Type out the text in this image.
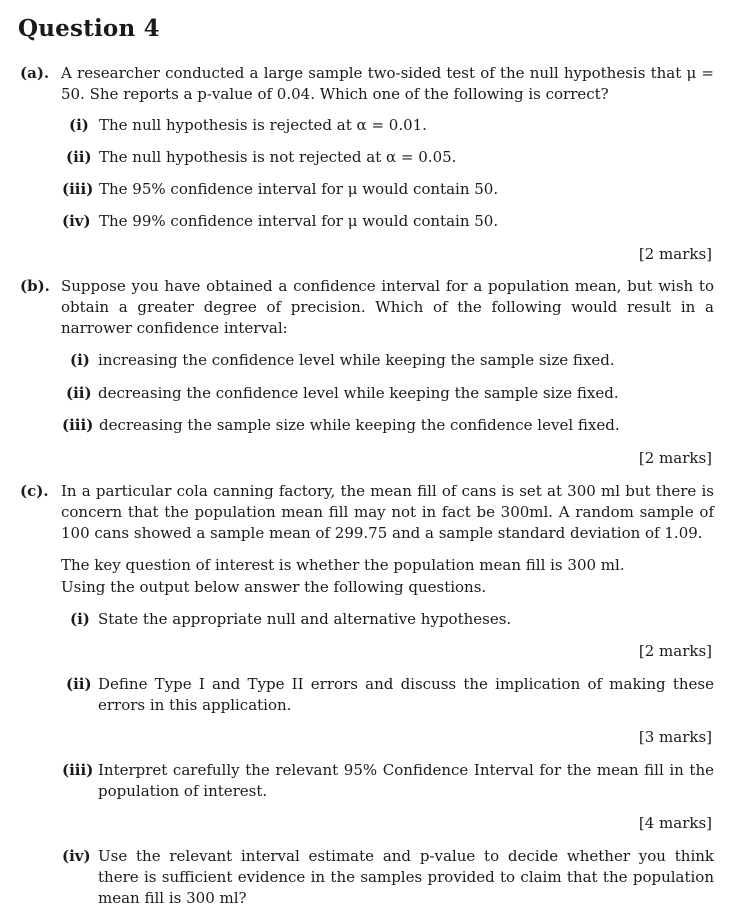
Question 4
(a). A researcher conducted a large sample two-sided test of the null hypothesis that μ = 50. She reports a p-value of 0.04. Which one of the following is correct?
(i) The null hypothesis is rejected at α = 0.01.
(ii) The null hypothesis is not rejected at α = 0.05.
(iii) The 95% confidence interval for μ would contain 50.
(iv) The 99% confidence interval for μ would contain 50.
[2 marks]
(b). Suppose you have obtained a confidence interval for a population mean, but wish to obtain a greater degree of precision. Which of the following would result in a narrower confidence interval:
(i) increasing the confidence level while keeping the sample size fixed.
(ii) decreasing the confidence level while keeping the sample size fixed.
(iii) decreasing the sample size while keeping the confidence level fixed.
[2 marks]
(c). In a particular cola canning factory, the mean fill of cans is set at 300 ml but there is concern that the population mean fill may not in fact be 300ml. A random sample of 100 cans showed a sample mean of 299.75 and a sample standard deviation of 1.09.
The key question of interest is whether the population mean fill is 300 ml.
Using the output below answer the following questions.
(i) State the appropriate null and alternative hypotheses.
[2 marks]
(ii) Define Type I and Type II errors and discuss the implication of making these errors in this application.
[3 marks]
(iii) Interpret carefully the relevant 95% Confidence Interval for the mean fill in the population of interest.
[4 marks]
(iv) Use the relevant interval estimate and p-value to decide whether you think there is sufficient evidence in the samples provided to claim that the population mean fill is 300 ml?
